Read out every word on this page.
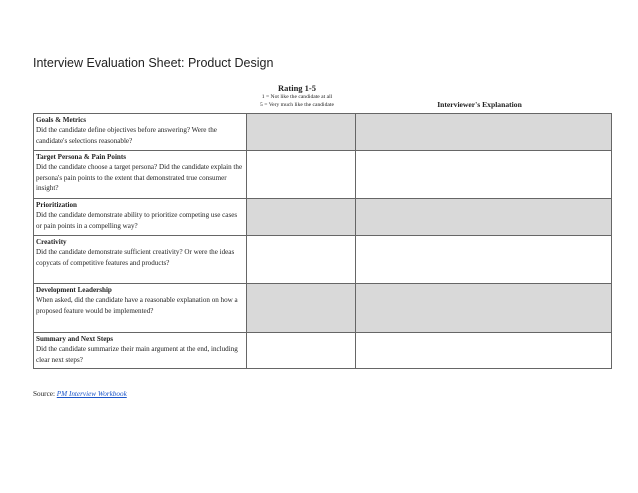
Interview Evaluation Sheet: Product Design
Rating 1-5
1 = Not like the candidate at all
5 = Very much like the candidate	Interviewer's Explanation
Goals & Metrics
Did the candidate define objectives before answering? Were the candidate's selections reasonable?		

Target Persona & Pain Points
Did the candidate choose a target persona? Did the candidate explain the persona's pain points to the extent that demonstrated true consumer insight?		

Prioritization
Did the candidate demonstrate ability to prioritize competing use cases or pain points in a compelling way?		

Creativity
Did the candidate demonstrate sufficient creativity? Or were the ideas copycats of competitive features and products?		

Development Leadership
When asked, did the candidate have a reasonable explanation on how a proposed feature would be implemented?		

Summary and Next Steps
Did the candidate summarize their main argument at the end, including clear next steps?		

Source: PM Interview Workbook
